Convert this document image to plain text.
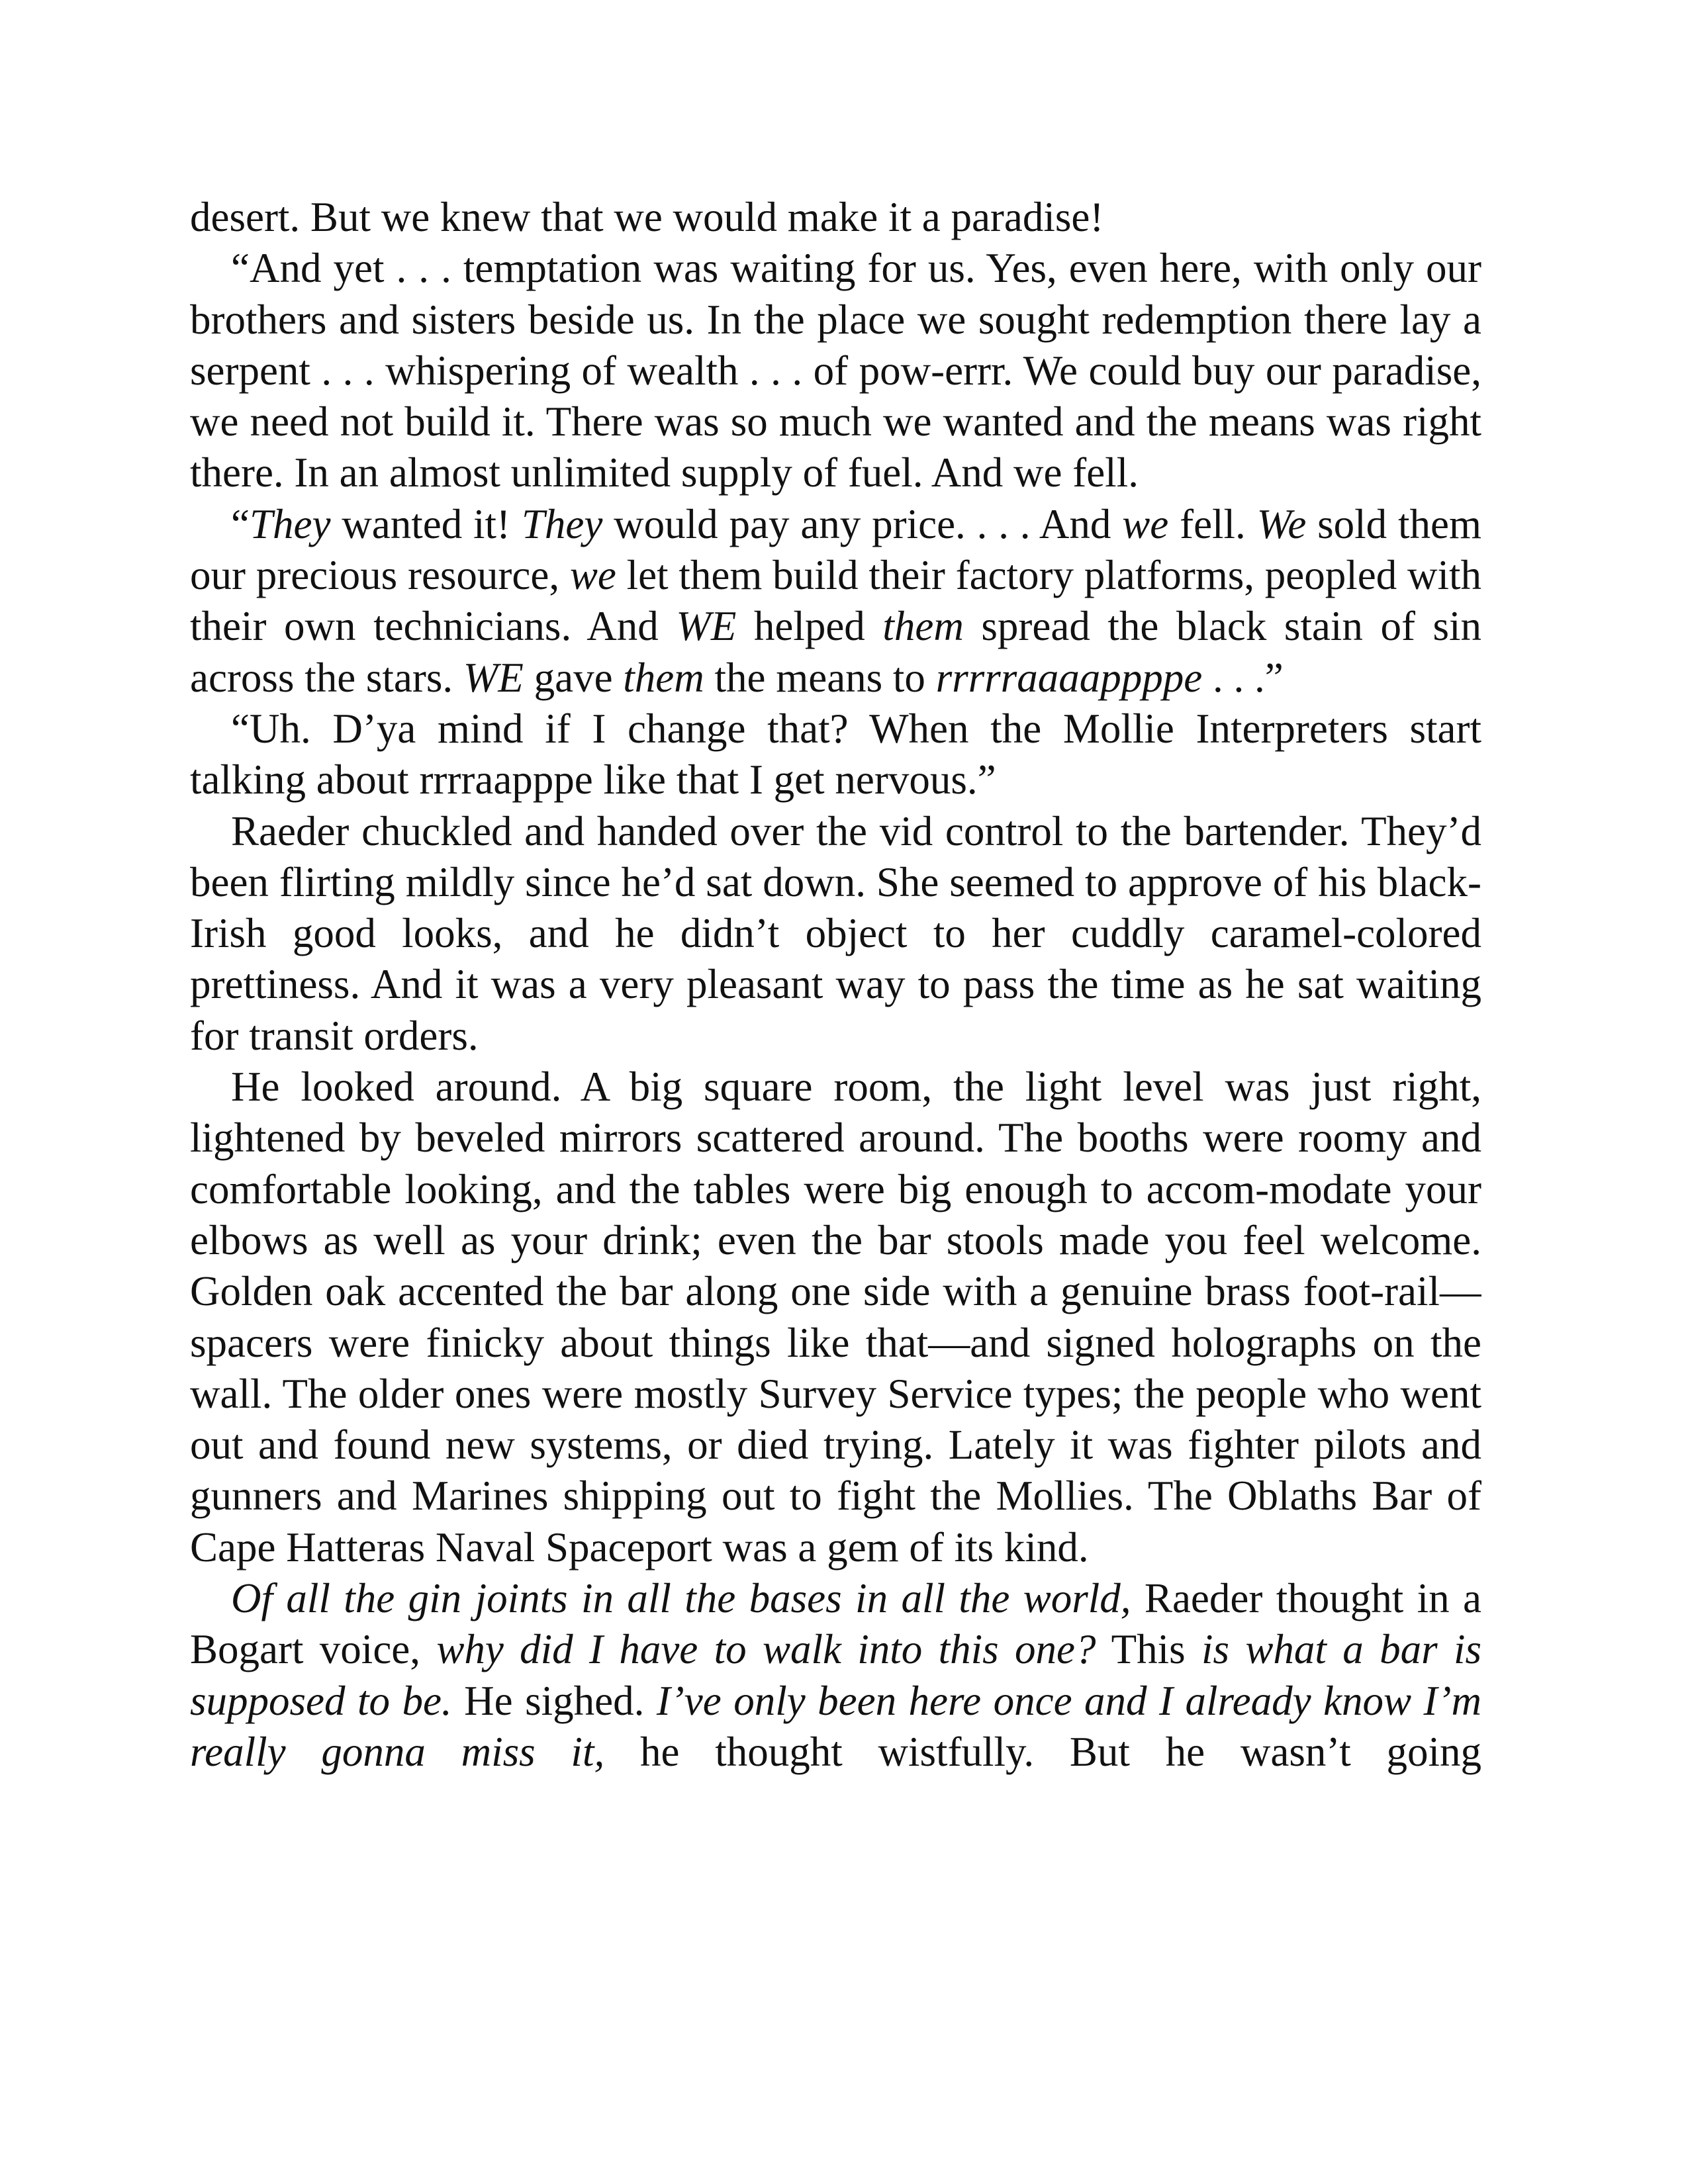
desert. But we knew that we would make it a paradise!

“And yet . . . temptation was waiting for us. Yes, even here, with only our brothers and sisters beside us. In the place we sought redemption there lay a serpent . . . whispering of wealth . . . of pow-errr. We could buy our paradise, we need not build it. There was so much we wanted and the means was right there. In an almost unlimited supply of fuel. And we fell.

“They wanted it! They would pay any price. . . . And we fell. We sold them our precious resource, we let them build their factory platforms, peopled with their own technicians. And WE helped them spread the black stain of sin across the stars. WE gave them the means to rrrrraaaappppe . . .”

“Uh. D’ya mind if I change that? When the Mollie Interpreters start talking about rrrraapppe like that I get nervous.”

Raeder chuckled and handed over the vid control to the bartender. They’d been flirting mildly since he’d sat down. She seemed to approve of his black-Irish good looks, and he didn’t object to her cuddly caramel-colored prettiness. And it was a very pleasant way to pass the time as he sat waiting for transit orders.

He looked around. A big square room, the light level was just right, lightened by beveled mirrors scattered around. The booths were roomy and comfortable looking, and the tables were big enough to accom-modate your elbows as well as your drink; even the bar stools made you feel welcome. Golden oak accented the bar along one side with a genuine brass foot-rail—spacers were finicky about things like that—and signed holographs on the wall. The older ones were mostly Survey Service types; the people who went out and found new systems, or died trying. Lately it was fighter pilots and gunners and Marines shipping out to fight the Mollies. The Oblaths Bar of Cape Hatteras Naval Spaceport was a gem of its kind.

Of all the gin joints in all the bases in all the world, Raeder thought in a Bogart voice, why did I have to walk into this one? This is what a bar is supposed to be. He sighed. I’ve only been here once and I already know I’m really gonna miss it, he thought wistfully. But he wasn’t going
